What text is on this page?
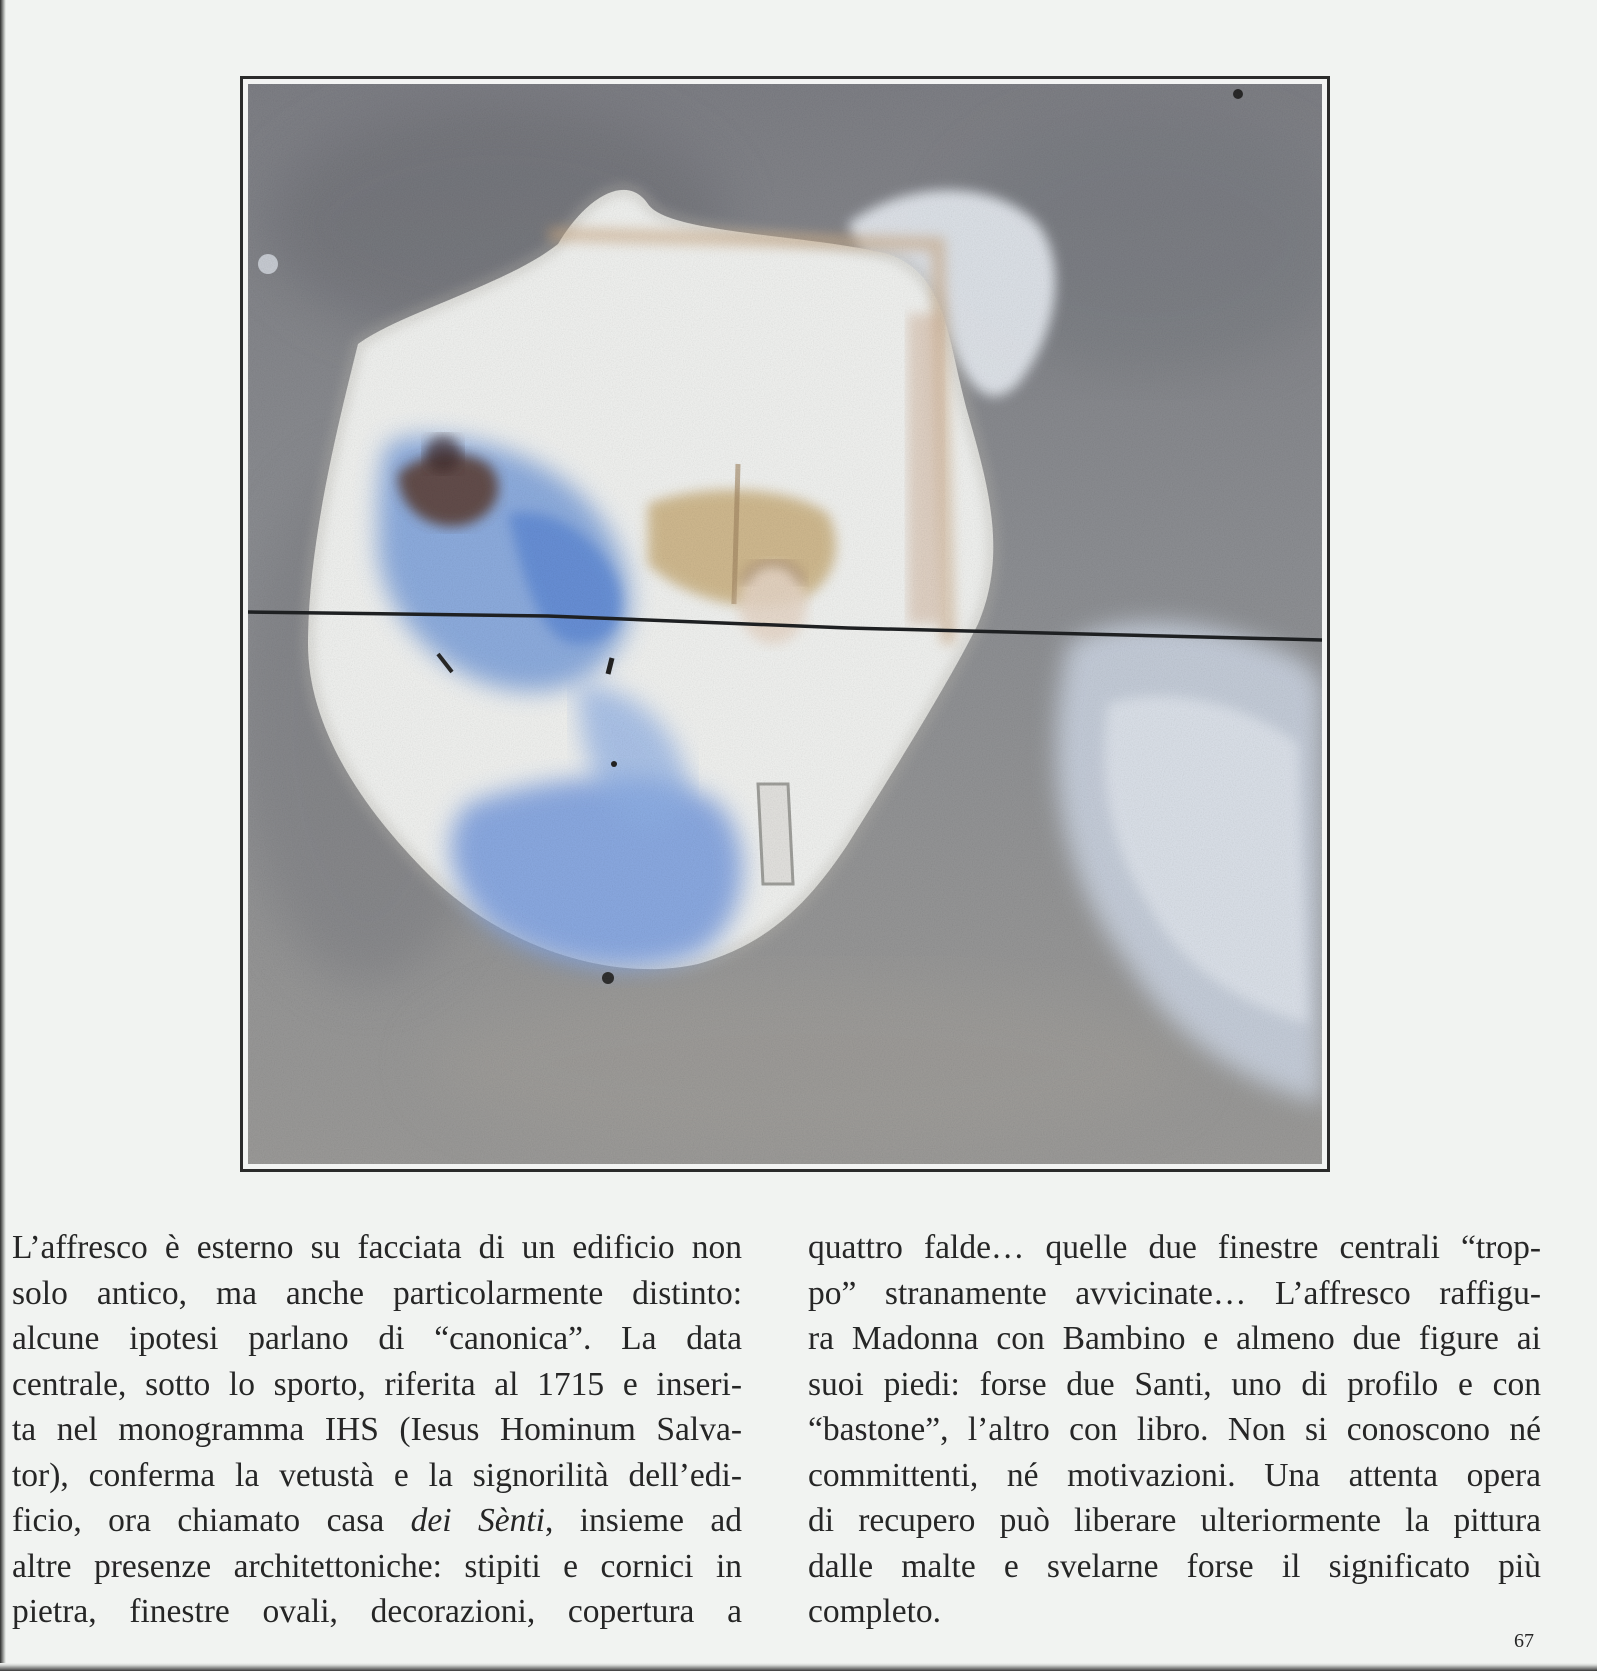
L’affresco è esterno su facciata di un edificio non
solo antico, ma anche particolarmente distinto:
alcune ipotesi parlano di “canonica”. La data
centrale, sotto lo sporto, riferita al 1715 e inseri-
ta nel monogramma IHS (Iesus Hominum Salva-
tor), conferma la vetustà e la signorilità dell’edi-
ficio, ora chiamato casa dei Sènti, insieme ad
altre presenze architettoniche: stipiti e cornici in
pietra, finestre ovali, decorazioni, copertura a
quattro falde… quelle due finestre centrali “trop-
po” stranamente avvicinate… L’affresco raffigu-
ra Madonna con Bambino e almeno due figure ai
suoi piedi: forse due Santi, uno di profilo e con
“bastone”, l’altro con libro. Non si conoscono né
committenti, né motivazioni. Una attenta opera
di recupero può liberare ulteriormente la pittura
dalle malte e svelarne forse il significato più
completo.
67
